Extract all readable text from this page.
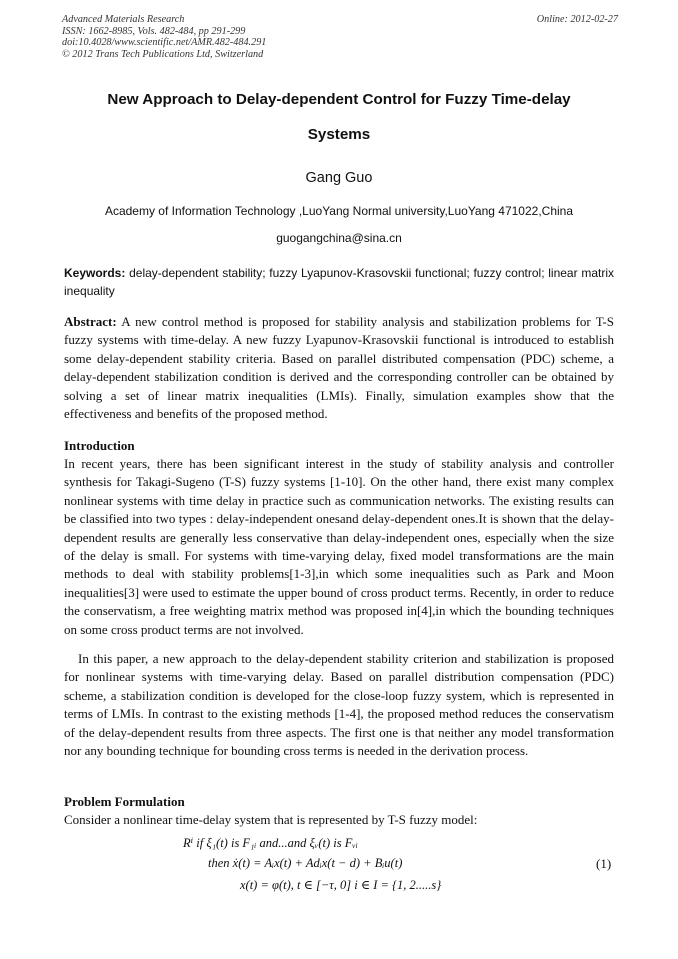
Advanced Materials Research
ISSN: 1662-8985, Vols. 482-484, pp 291-299
doi:10.4028/www.scientific.net/AMR.482-484.291
© 2012 Trans Tech Publications Ltd, Switzerland
Online: 2012-02-27
New Approach to Delay-dependent Control for Fuzzy Time-delay
Systems
Gang Guo
Academy of Information Technology ,LuoYang Normal university,LuoYang 471022,China
guogangchina@sina.cn
Keywords: delay-dependent stability; fuzzy Lyapunov-Krasovskii functional; fuzzy control; linear matrix inequality
Abstract: A new control method is proposed for stability analysis and stabilization problems for T-S fuzzy systems with time-delay. A new fuzzy Lyapunov-Krasovskii functional is introduced to establish some delay-dependent stability criteria. Based on parallel distributed compensation (PDC) scheme, a delay-dependent stabilization condition is derived and the corresponding controller can be obtained by solving a set of linear matrix inequalities (LMIs). Finally, simulation examples show that the effectiveness and benefits of the proposed method.
Introduction
In recent years, there has been significant interest in the study of stability analysis and controller synthesis for Takagi-Sugeno (T-S) fuzzy systems [1-10]. On the other hand, there exist many complex nonlinear systems with time delay in practice such as communication networks. The existing results can be classified into two types : delay-independent onesand delay-dependent ones.It is shown that the delay-dependent results are generally less conservative than delay-independent ones, especially when the size of the delay is small. For systems with time-varying delay, fixed model transformations are the main methods to deal with stability problems[1-3],in which some inequalities such as Park and Moon inequalities[3] were used to estimate the upper bound of cross product terms. Recently, in order to reduce the conservatism, a free weighting matrix method was proposed in[4],in which the bounding techniques on some cross product terms are not involved.
In this paper, a new approach to the delay-dependent stability criterion and stabilization is proposed for nonlinear systems with time-varying delay. Based on parallel distribution compensation (PDC) scheme, a stabilization condition is developed for the close-loop fuzzy system, which is represented in terms of LMIs. In contrast to the existing methods [1-4], the proposed method reduces the conservatism of the delay-dependent results from three aspects. The first one is that neither any model transformation nor any bounding technique for bounding cross terms is needed in the derivation process.
Problem Formulation
Consider a nonlinear time-delay system that is represented by T-S fuzzy model:
Rⁱ if ξ₁(t) is F₁ᵢ and...and ξᵥ(t) is Fᵥᵢ
then ẋ(t) = Aᵢx(t) + Adᵢx(t − d) + Bᵢu(t)
x(t) = φ(t), t ∈ [−τ, 0] i ∈ I = {1, 2.....s}
(1)
